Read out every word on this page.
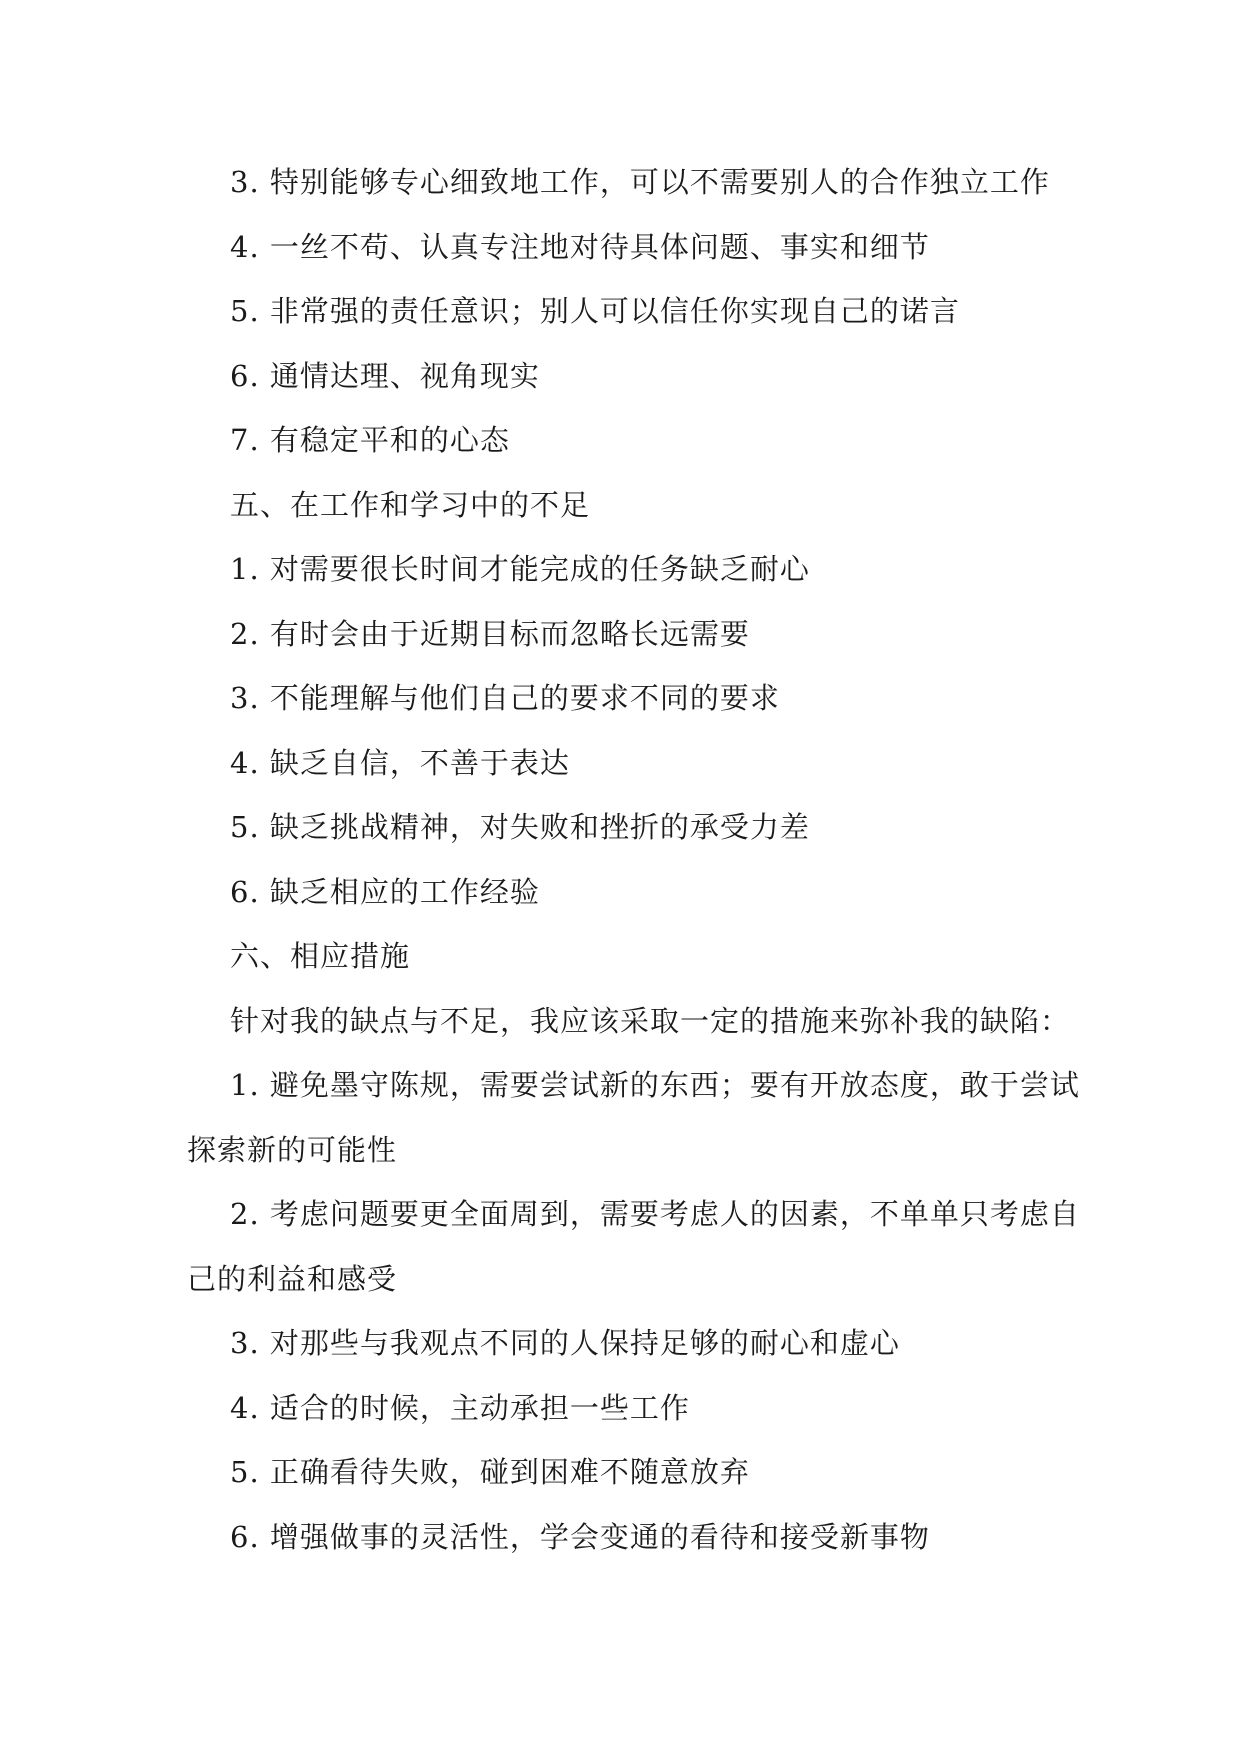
3. 特别能够专心细致地工作，可以不需要别人的合作独立工作
4. 一丝不苟、认真专注地对待具体问题、事实和细节
5. 非常强的责任意识；别人可以信任你实现自己的诺言
6. 通情达理、视角现实
7. 有稳定平和的心态
五、在工作和学习中的不足
1. 对需要很长时间才能完成的任务缺乏耐心
2. 有时会由于近期目标而忽略长远需要
3. 不能理解与他们自己的要求不同的要求
4. 缺乏自信，不善于表达
5. 缺乏挑战精神，对失败和挫折的承受力差
6. 缺乏相应的工作经验
六、相应措施
针对我的缺点与不足，我应该采取一定的措施来弥补我的缺陷：
1. 避免墨守陈规，需要尝试新的东西；要有开放态度，敢于尝试
探索新的可能性
2. 考虑问题要更全面周到，需要考虑人的因素，不单单只考虑自
己的利益和感受
3. 对那些与我观点不同的人保持足够的耐心和虚心
4. 适合的时候，主动承担一些工作
5. 正确看待失败，碰到困难不随意放弃
6. 增强做事的灵活性，学会变通的看待和接受新事物
